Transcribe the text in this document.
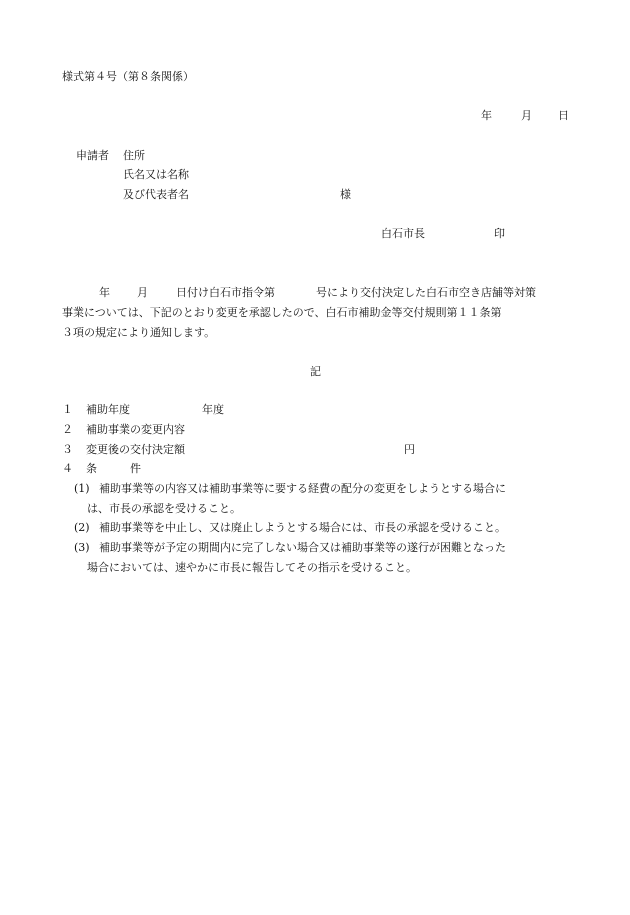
様式第４号（第８条関係）
年	月 日
申請者 住所
氏名又は名称
及び代表者名	様
白石市長	印
年 月	日付け白石市指令第	号により交付決定した白石市空き店舗等対策
事業については、下記のとおり変更を承認したので、白石市補助金等交付規則第１１条第
３項の規定により通知します。
記
１ 補助年度	年度
２ 補助事業の変更内容
３ 変更後の交付決定額	円
４ 条　　　件
(1) 補助事業等の内容又は補助事業等に要する経費の配分の変更をしようとする場合に
は、市長の承認を受けること。
(2) 補助事業等を中止し、又は廃止しようとする場合には、市長の承認を受けること。
(3) 補助事業等が予定の期間内に完了しない場合又は補助事業等の遂行が困難となった
場合においては、速やかに市長に報告してその指示を受けること。
